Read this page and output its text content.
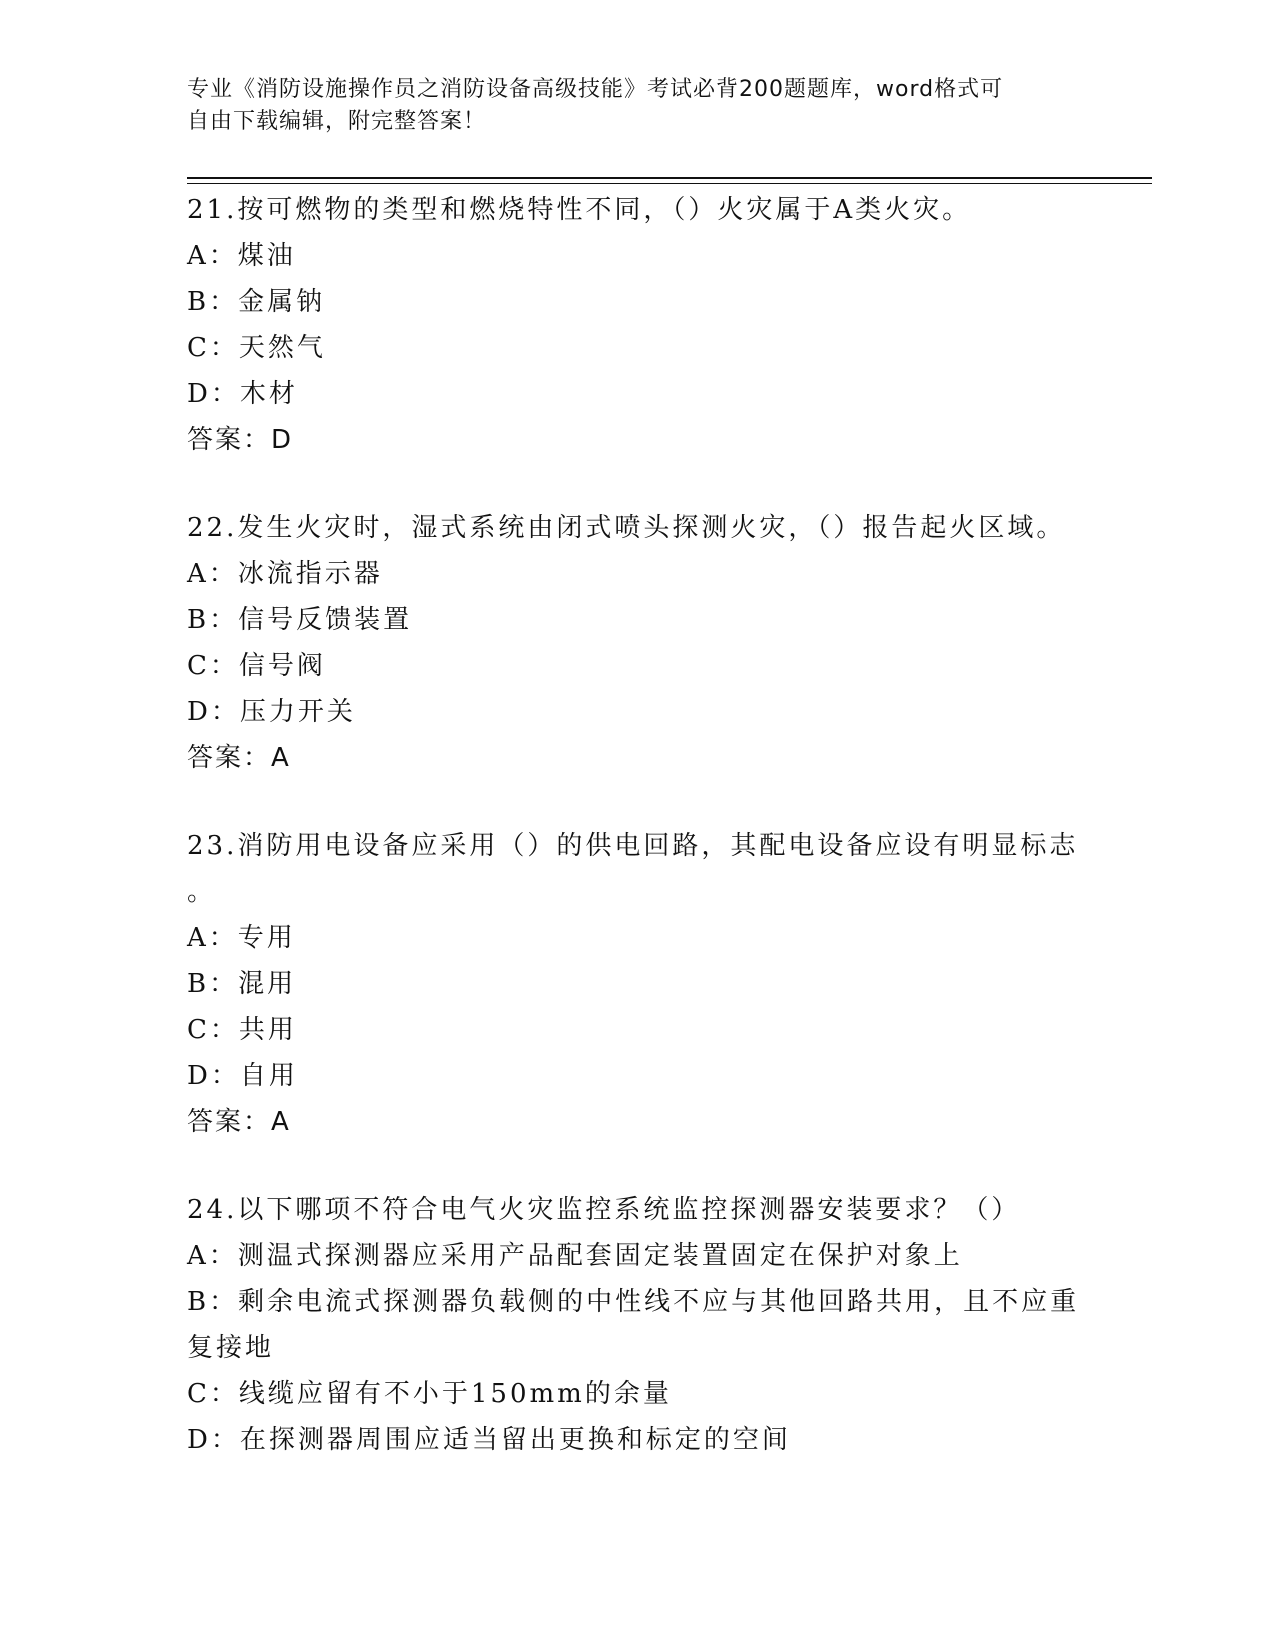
专业《消防设施操作员之消防设备高级技能》考试必背200题题库，word格式可
自由下载编辑，附完整答案！
21.按可燃物的类型和燃烧特性不同，（）火灾属于A类火灾。
A：煤油
B：金属钠
C：天然气
D：木材
答案：D
22.发生火灾时，湿式系统由闭式喷头探测火灾，（）报告起火区域。
A：冰流指示器
B：信号反馈装置
C：信号阀
D：压力开关
答案：A
23.消防用电设备应采用（）的供电回路，其配电设备应设有明显标志
。
A：专用
B：混用
C：共用
D：自用
答案：A
24.以下哪项不符合电气火灾监控系统监控探测器安装要求？（）
A：测温式探测器应采用产品配套固定装置固定在保护对象上
B：剩余电流式探测器负载侧的中性线不应与其他回路共用，且不应重
复接地
C：线缆应留有不小于150mm的余量
D：在探测器周围应适当留出更换和标定的空间
